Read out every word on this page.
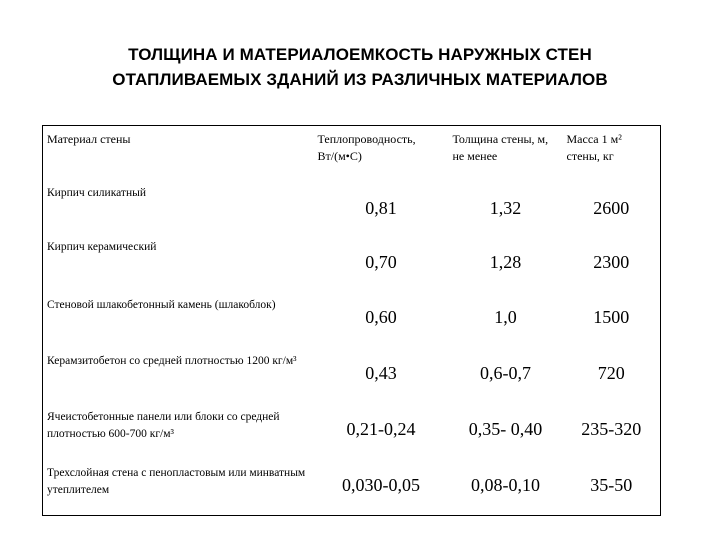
ТОЛЩИНА И МАТЕРИАЛОЕМКОСТЬ НАРУЖНЫХ СТЕН
ОТАПЛИВАЕМЫХ ЗДАНИЙ ИЗ РАЗЛИЧНЫХ МАТЕРИАЛОВ
Материал стены	Теплопроводность, Вт/(м•С)	Толщина стены, м, не менее	Масса 1 м² стены, кг
Кирпич силикатный	0,81	1,32	2600
Кирпич керамический	0,70	1,28	2300
Стеновой шлакобетонный камень (шлакоблок)	0,60	1,0	1500
Керамзитобетон со средней плотностью 1200 кг/м³	0,43	0,6-0,7	720
Ячеистобетонные панели или блоки со средней плотностью 600-700 кг/м³	0,21-0,24	0,35- 0,40	235-320
Трехслойная стена с пенопластовым или минватным утеплителем	0,030-0,05	0,08-0,10	35-50
